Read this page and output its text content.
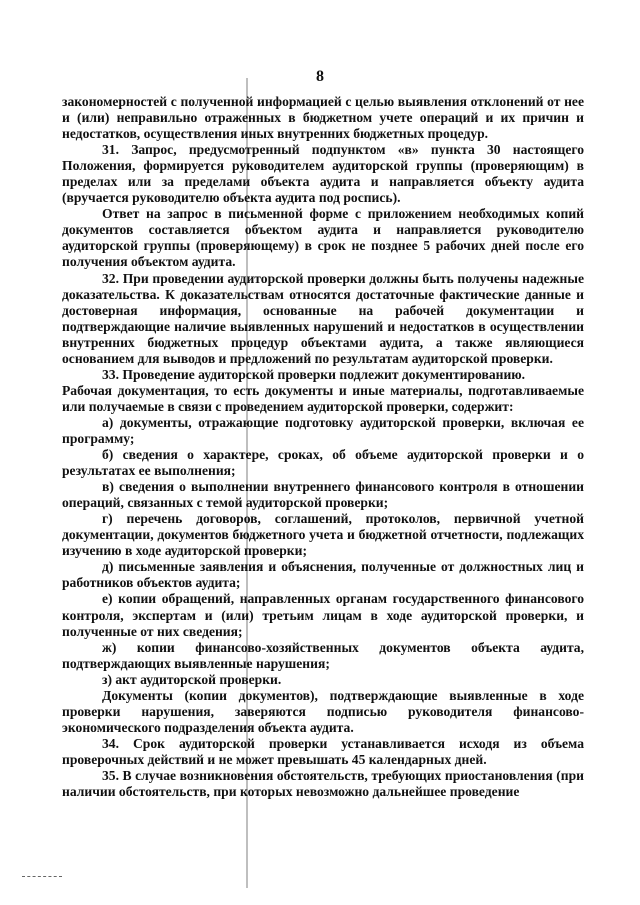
8

закономерностей с полученной информацией с целью выявления отклонений от нее и (или) неправильно отраженных в бюджетном учете операций и их причин и недостатков, осуществления иных внутренних бюджетных процедур.

31. Запрос, предусмотренный подпунктом «в» пункта 30 настоящего Положения, формируется руководителем аудиторской группы (проверяющим) в пределах или за пределами объекта аудита и направляется объекту аудита (вручается руководителю объекта аудита под роспись).

Ответ на запрос в письменной форме с приложением необходимых копий документов составляется объектом аудита и направляется руководителю аудиторской группы (проверяющему) в срок не позднее 5 рабочих дней после его получения объектом аудита.

32. При проведении аудиторской проверки должны быть получены надежные доказательства. К доказательствам относятся достаточные фактические данные и достоверная информация, основанные на рабочей документации и подтверждающие наличие выявленных нарушений и недостатков в осуществлении внутренних бюджетных процедур объектами аудита, а также являющиеся основанием для выводов и предложений по результатам аудиторской проверки.

33. Проведение аудиторской проверки подлежит документированию.

Рабочая документация, то есть документы и иные материалы, подготавливаемые или получаемые в связи с проведением аудиторской проверки, содержит:

а) документы, отражающие подготовку аудиторской проверки, включая ее программу;

б) сведения о характере, сроках, об объеме аудиторской проверки и о результатах ее выполнения;

в) сведения о выполнении внутреннего финансового контроля в отношении операций, связанных с темой аудиторской проверки;

г) перечень договоров, соглашений, протоколов, первичной учетной документации, документов бюджетного учета и бюджетной отчетности, подлежащих изучению в ходе аудиторской проверки;

д) письменные заявления и объяснения, полученные от должностных лиц и работников объектов аудита;

е) копии обращений, направленных органам государственного финансового контроля, экспертам и (или) третьим лицам в ходе аудиторской проверки, и полученные от них сведения;

ж) копии финансово-хозяйственных документов объекта аудита, подтверждающих выявленные нарушения;

з) акт аудиторской проверки.

Документы (копии документов), подтверждающие выявленные в ходе проверки нарушения, заверяются подписью руководителя финансово-экономического подразделения объекта аудита.

34. Срок аудиторской проверки устанавливается исходя из объема проверочных действий и не может превышать 45 календарных дней.

35. В случае возникновения обстоятельств, требующих приостановления (при наличии обстоятельств, при которых невозможно дальнейшее проведение
